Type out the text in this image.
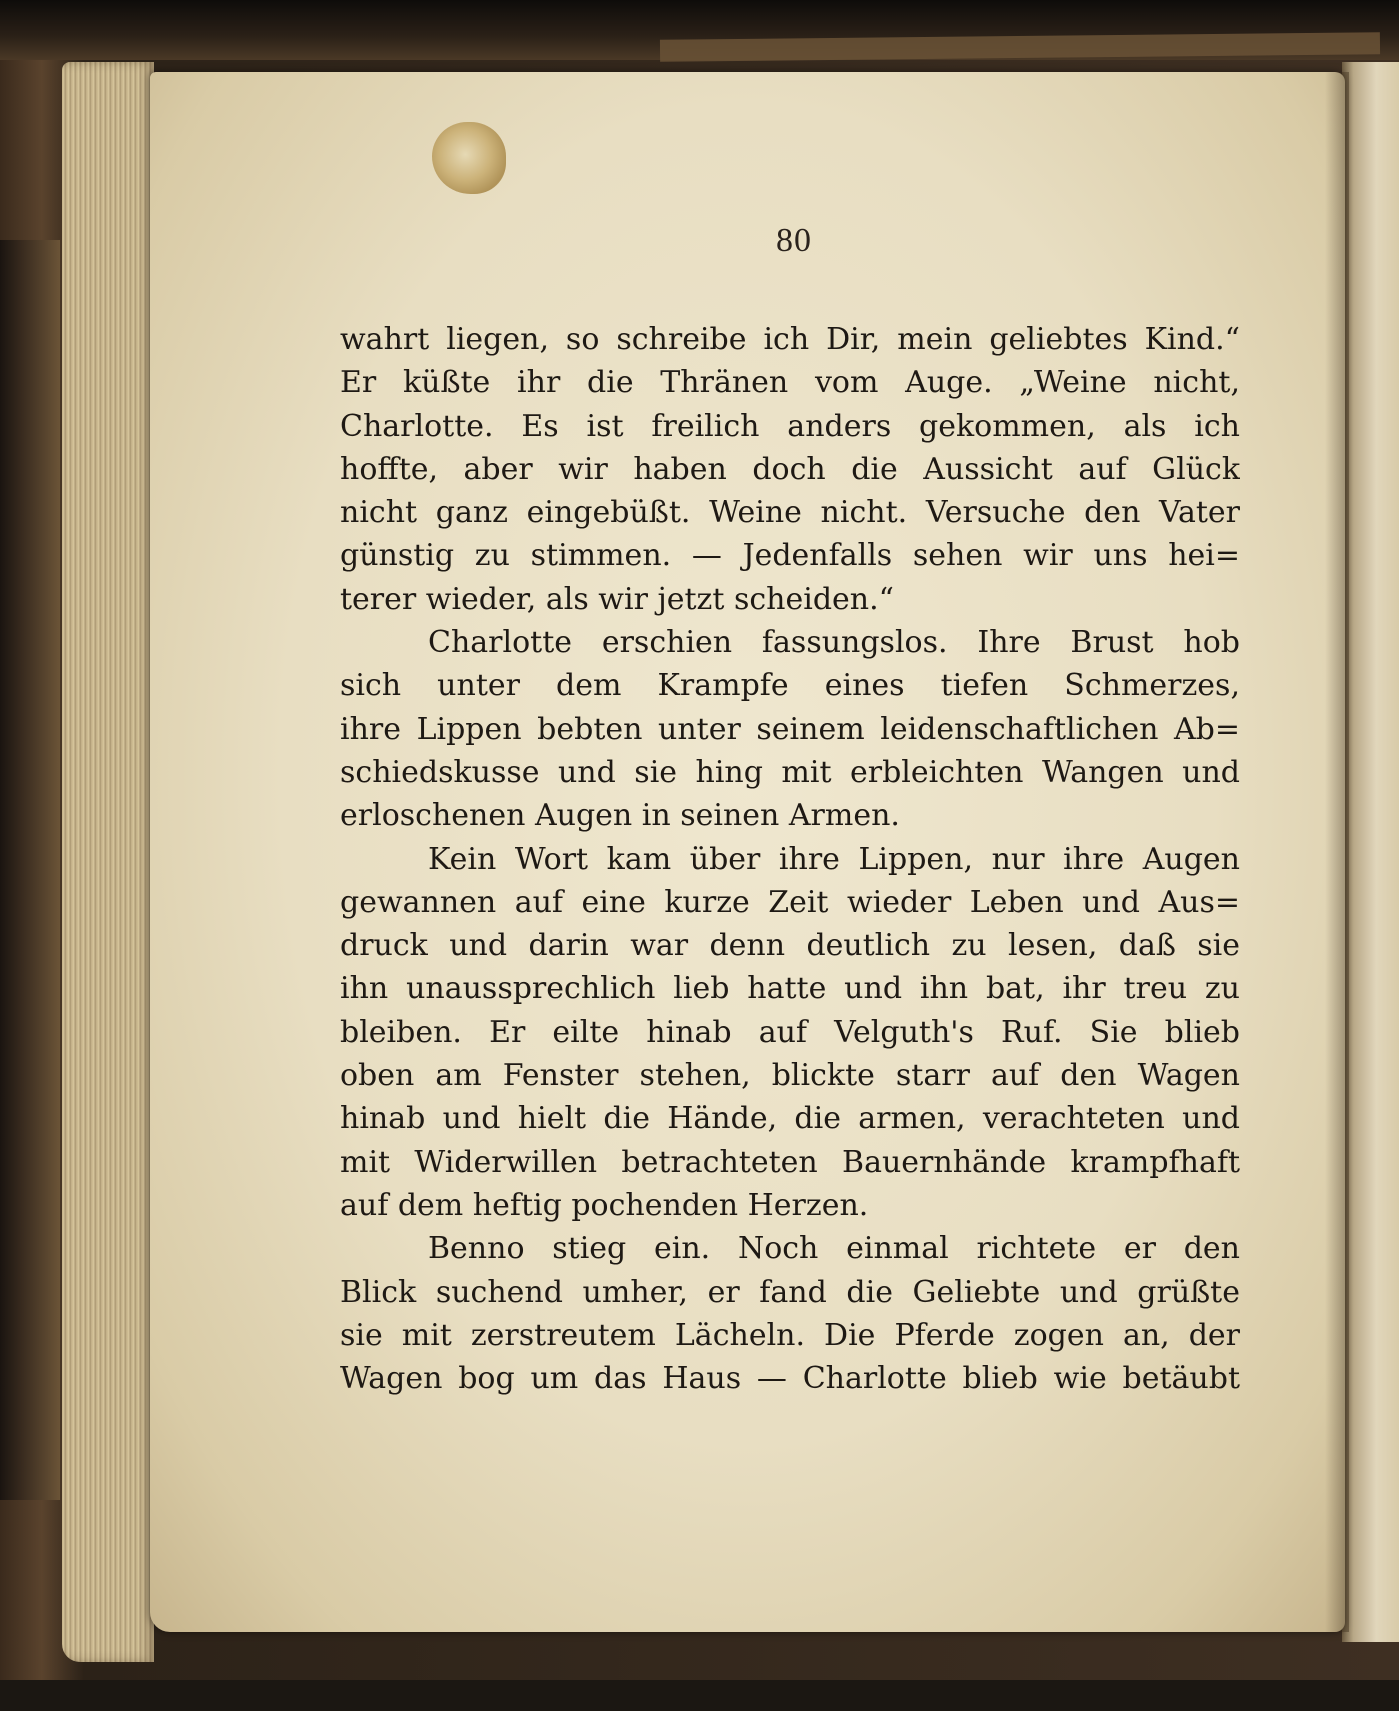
80
wahrt liegen, so schreibe ich Dir, mein geliebtes Kind.“
Er küßte ihr die Thränen vom Auge. „Weine nicht,
Charlotte. Es ist freilich anders gekommen, als ich
hoffte, aber wir haben doch die Aussicht auf Glück
nicht ganz eingebüßt. Weine nicht. Versuche den Vater
günstig zu stimmen. — Jedenfalls sehen wir uns hei=
terer wieder, als wir jetzt scheiden.“
Charlotte erschien fassungslos. Ihre Brust hob
sich unter dem Krampfe eines tiefen Schmerzes,
ihre Lippen bebten unter seinem leidenschaftlichen Ab=
schiedskusse und sie hing mit erbleichten Wangen und
erloschenen Augen in seinen Armen.
Kein Wort kam über ihre Lippen, nur ihre Augen
gewannen auf eine kurze Zeit wieder Leben und Aus=
druck und darin war denn deutlich zu lesen, daß sie
ihn unaussprechlich lieb hatte und ihn bat, ihr treu zu
bleiben. Er eilte hinab auf Velguth's Ruf. Sie blieb
oben am Fenster stehen, blickte starr auf den Wagen
hinab und hielt die Hände, die armen, verachteten und
mit Widerwillen betrachteten Bauernhände krampfhaft
auf dem heftig pochenden Herzen.
Benno stieg ein. Noch einmal richtete er den
Blick suchend umher, er fand die Geliebte und grüßte
sie mit zerstreutem Lächeln. Die Pferde zogen an, der
Wagen bog um das Haus — Charlotte blieb wie betäubt
